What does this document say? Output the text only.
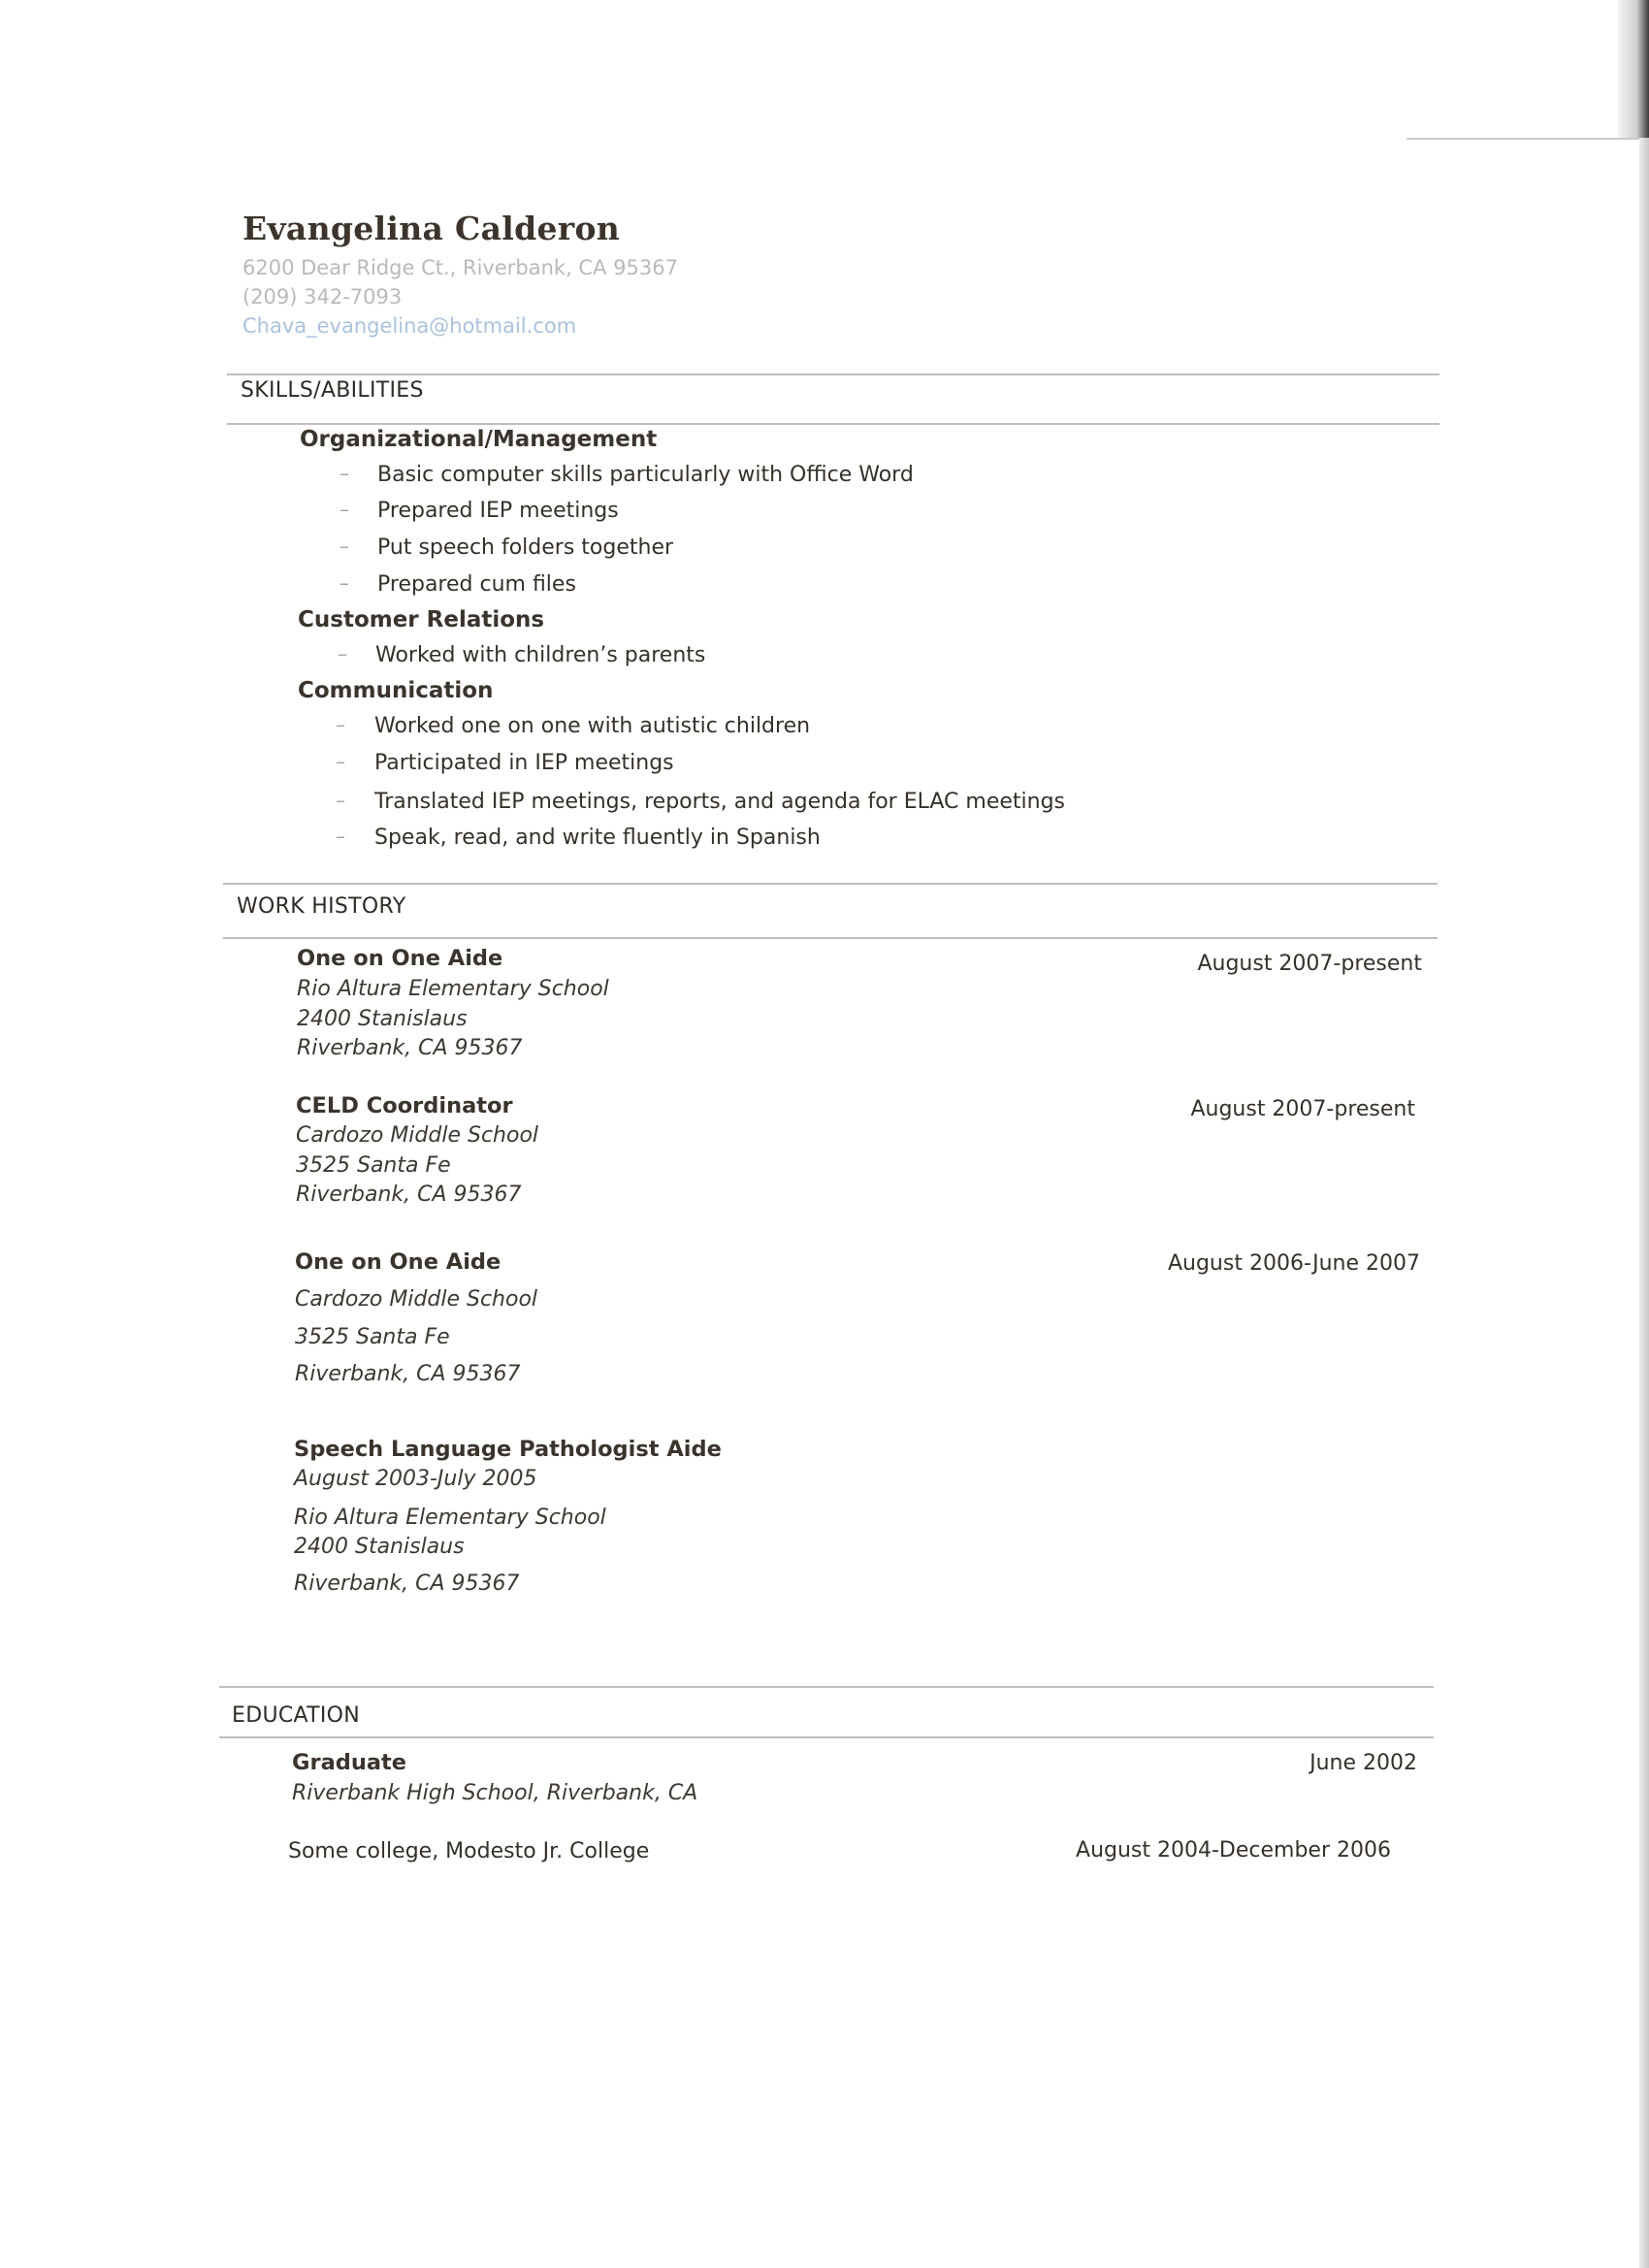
Evangelina Calderon
6200 Dear Ridge Ct., Riverbank, CA 95367
(209) 342-7093
Chava_evangelina@hotmail.com
SKILLS/ABILITIES
Organizational/Management
– Basic computer skills particularly with Office Word
– Prepared IEP meetings
– Put speech folders together
– Prepared cum files
Customer Relations
– Worked with children’s parents
Communication
– Worked one on one with autistic children
– Participated in IEP meetings
– Translated IEP meetings, reports, and agenda for ELAC meetings
– Speak, read, and write fluently in Spanish
WORK HISTORY
One on One Aide	August 2007-present
Rio Altura Elementary School
2400 Stanislaus
Riverbank, CA 95367
CELD Coordinator	August 2007-present
Cardozo Middle School
3525 Santa Fe
Riverbank, CA 95367
One on One Aide	August 2006-June 2007
Cardozo Middle School
3525 Santa Fe
Riverbank, CA 95367
Speech Language Pathologist Aide
August 2003-July 2005
Rio Altura Elementary School
2400 Stanislaus
Riverbank, CA 95367
EDUCATION
Graduate	June 2002
Riverbank High School, Riverbank, CA
Some college, Modesto Jr. College	August 2004-December 2006
